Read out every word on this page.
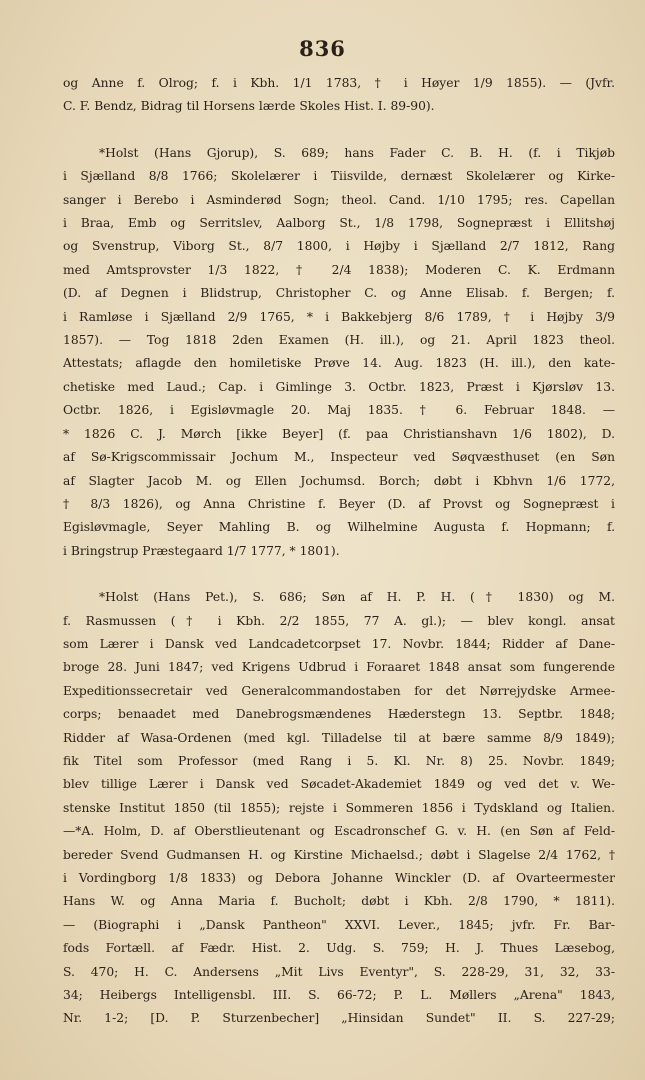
836
og Anne f. Olrog; f. i Kbh. 1/1 1783, † i Høyer 1/9 1855). — (Jvfr.
C. F. Bendz, Bidrag til Horsens lærde Skoles Hist. I. 89-90).
*Holst (Hans Gjorup), S. 689; hans Fader C. B. H. (f. i Tikjøb
i Sjælland 8/8 1766; Skolelærer i Tiisvilde, dernæst Skolelærer og Kirke-
sanger i Berebo i Asminderød Sogn; theol. Cand. 1/10 1795; res. Capellan
i Braa, Emb og Serritslev, Aalborg St., 1/8 1798, Sognepræst i Ellitshøj
og Svenstrup, Viborg St., 8/7 1800, i Højby i Sjælland 2/7 1812, Rang
med Amtsprovster 1/3 1822, † 2/4 1838); Moderen C. K. Erdmann
(D. af Degnen i Blidstrup, Christopher C. og Anne Elisab. f. Bergen; f.
i Ramløse i Sjælland 2/9 1765, * i Bakkebjerg 8/6 1789, † i Højby 3/9
1857). — Tog 1818 2den Examen (H. ill.), og 21. April 1823 theol.
Attestats; aflagde den homiletiske Prøve 14. Aug. 1823 (H. ill.), den kate-
chetiske med Laud.; Cap. i Gimlinge 3. Octbr. 1823, Præst i Kjørsløv 13.
Octbr. 1826, i Egisløvmagle 20. Maj 1835. † 6. Februar 1848. —
* 1826 C. J. Mørch [ikke Beyer] (f. paa Christianshavn 1/6 1802), D.
af Sø-Krigscommissair Jochum M., Inspecteur ved Søqvæsthuset (en Søn
af Slagter Jacob M. og Ellen Jochumsd. Borch; døbt i Kbhvn 1/6 1772,
† 8/3 1826), og Anna Christine f. Beyer (D. af Provst og Sognepræst i
Egisløvmagle, Seyer Mahling B. og Wilhelmine Augusta f. Hopmann; f.
i Bringstrup Præstegaard 1/7 1777, * 1801).
*Holst (Hans Pet.), S. 686; Søn af H. P. H. († 1830) og M.
f. Rasmussen († i Kbh. 2/2 1855, 77 A. gl.); — blev kongl. ansat
som Lærer i Dansk ved Landcadetcorpset 17. Novbr. 1844; Ridder af Dane-
broge 28. Juni 1847; ved Krigens Udbrud i Foraaret 1848 ansat som fungerende
Expeditionssecretair ved Generalcommandostaben for det Nørrejydske Armee-
corps; benaadet med Danebrogsmændenes Hæderstegn 13. Septbr. 1848;
Ridder af Wasa-Ordenen (med kgl. Tilladelse til at bære samme 8/9 1849);
fik Titel som Professor (med Rang i 5. Kl. Nr. 8) 25. Novbr. 1849;
blev tillige Lærer i Dansk ved Søcadet-Akademiet 1849 og ved det v. We-
stenske Institut 1850 (til 1855); rejste i Sommeren 1856 i Tydskland og Italien.
—*A. Holm, D. af Oberstlieutenant og Escadronschef G. v. H. (en Søn af Feld-
bereder Svend Gudmansen H. og Kirstine Michaelsd.; døbt i Slagelse 2/4 1762, †
i Vordingborg 1/8 1833) og Debora Johanne Winckler (D. af Ovarteermester
Hans W. og Anna Maria f. Bucholt; døbt i Kbh. 2/8 1790, * 1811).
— (Biographi i „Dansk Pantheon" XXVI. Lever., 1845; jvfr. Fr. Bar-
fods Fortæll. af Fædr. Hist. 2. Udg. S. 759; H. J. Thues Læsebog,
S. 470; H. C. Andersens „Mit Livs Eventyr", S. 228-29, 31, 32, 33-
34; Heibergs Intelligensbl. III. S. 66-72; P. L. Møllers „Arena" 1843,
Nr. 1-2; [D. P. Sturzenbecher] „Hinsidan Sundet" II. S. 227-29;
